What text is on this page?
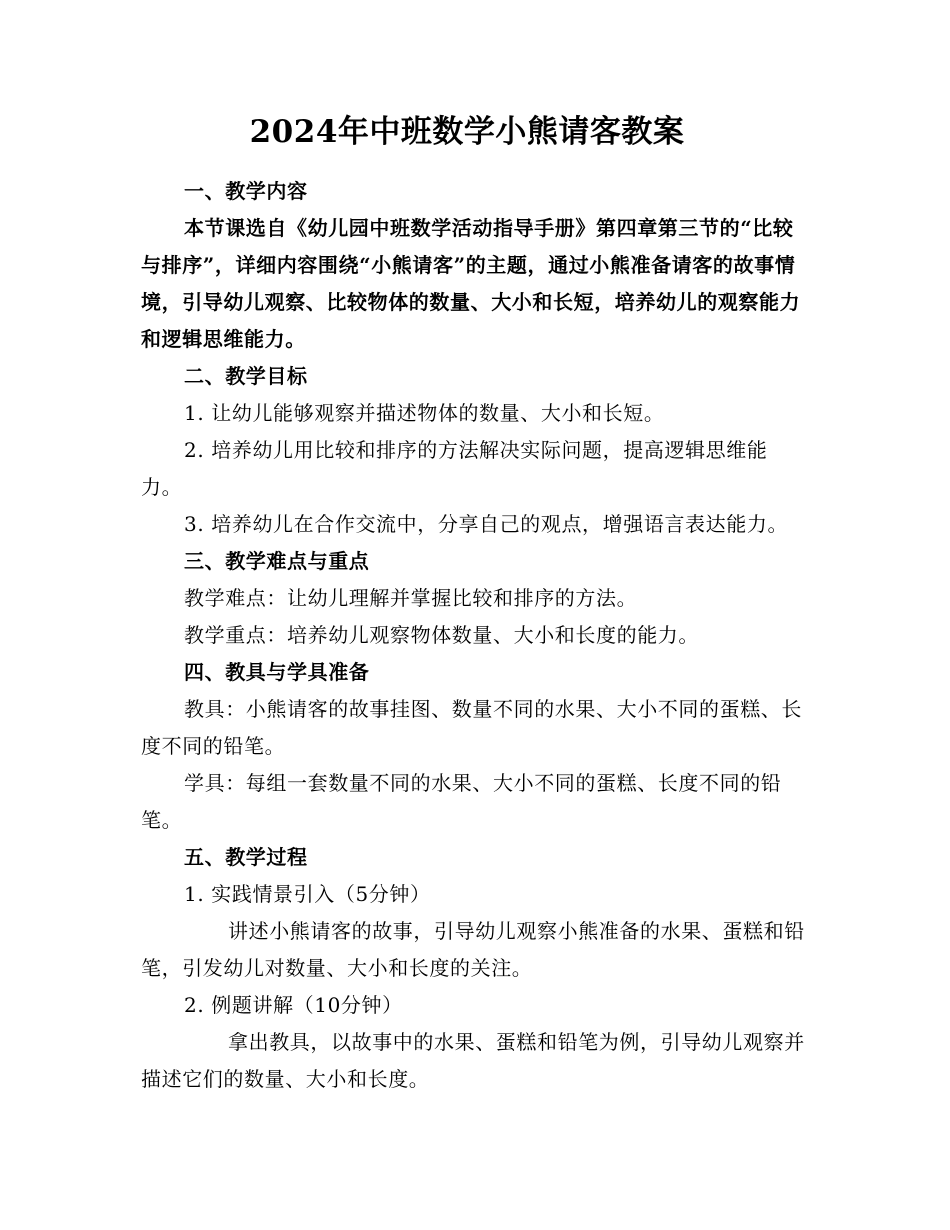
2024年中班数学小熊请客教案
一、教学内容

本节课选自《幼儿园中班数学活动指导手册》第四章第三节的“比较与排序”，详细内容围绕“小熊请客”的主题，通过小熊准备请客的故事情境，引导幼儿观察、比较物体的数量、大小和长短，培养幼儿的观察能力和逻辑思维能力。

二、教学目标

1. 让幼儿能够观察并描述物体的数量、大小和长短。

2. 培养幼儿用比较和排序的方法解决实际问题，提高逻辑思维能力。

3. 培养幼儿在合作交流中，分享自己的观点，增强语言表达能力。

三、教学难点与重点

教学难点：让幼儿理解并掌握比较和排序的方法。

教学重点：培养幼儿观察物体数量、大小和长度的能力。

四、教具与学具准备

教具：小熊请客的故事挂图、数量不同的水果、大小不同的蛋糕、长度不同的铅笔。

学具：每组一套数量不同的水果、大小不同的蛋糕、长度不同的铅笔。

五、教学过程

1. 实践情景引入（5分钟）

讲述小熊请客的故事，引导幼儿观察小熊准备的水果、蛋糕和铅笔，引发幼儿对数量、大小和长度的关注。

2. 例题讲解（10分钟）

拿出教具，以故事中的水果、蛋糕和铅笔为例，引导幼儿观察并描述它们的数量、大小和长度。
